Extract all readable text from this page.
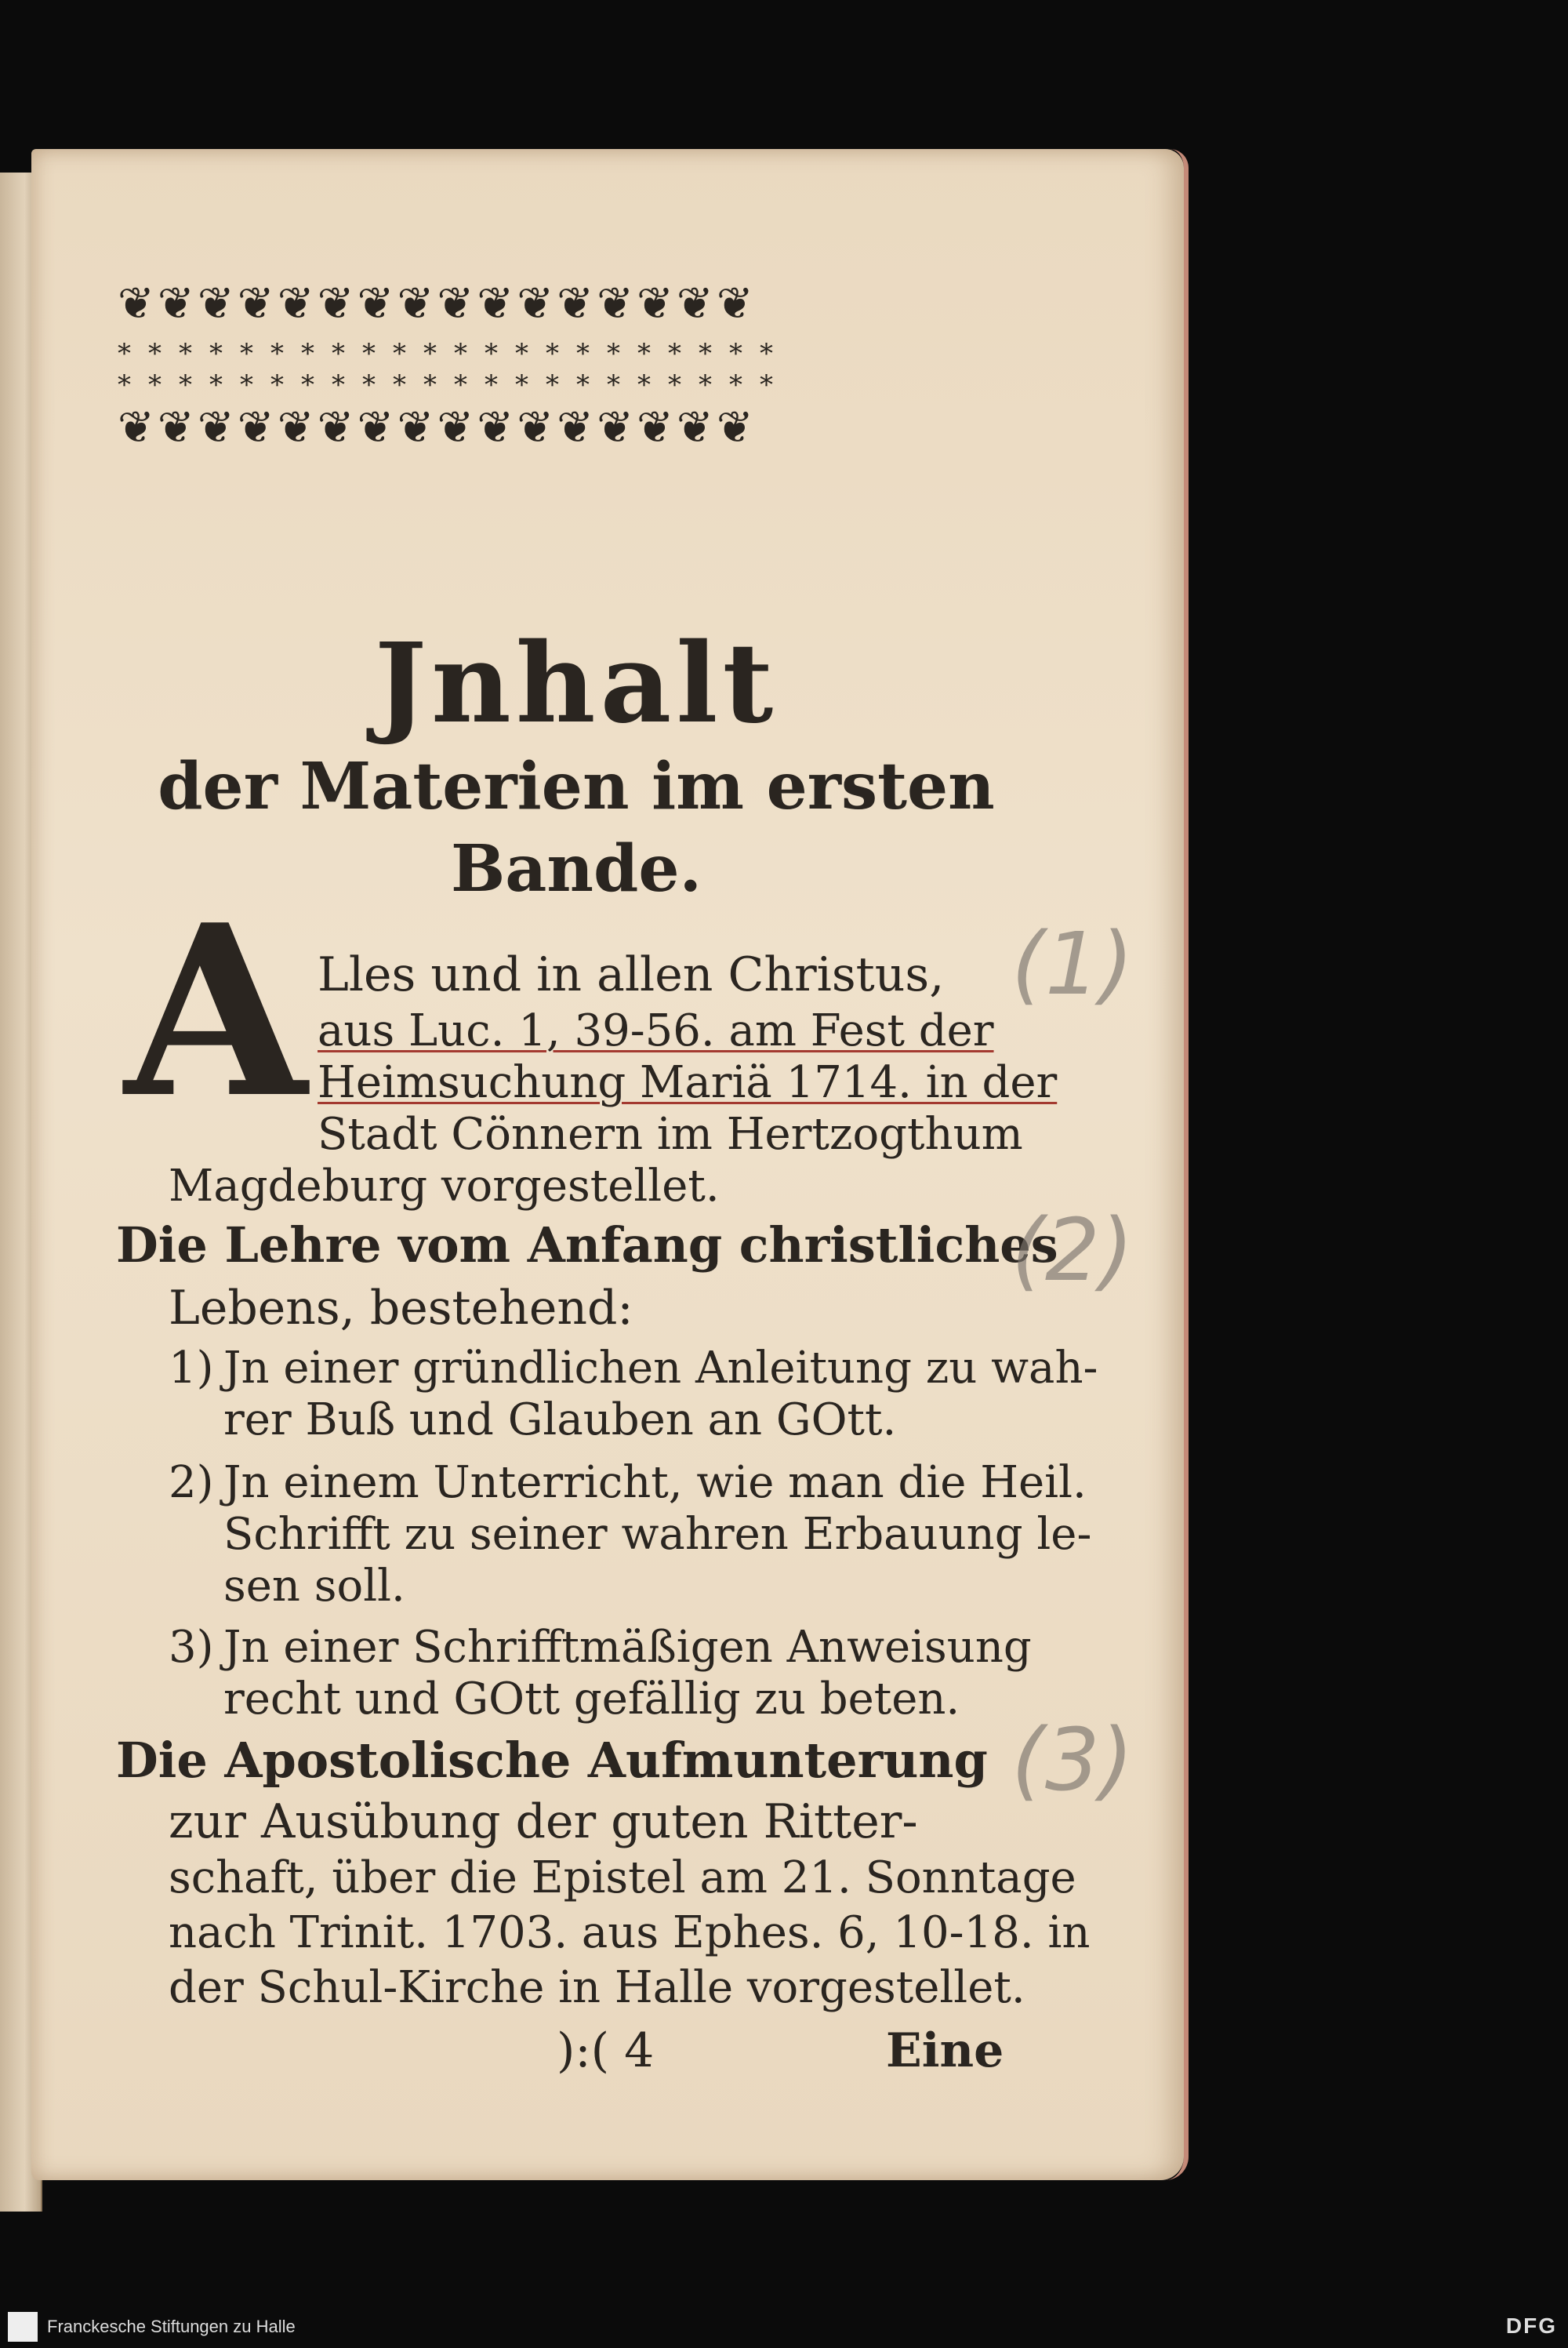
❦❦❦❦❦❦❦❦❦❦❦❦❦❦❦❦
**********************
**********************
❦❦❦❦❦❦❦❦❦❦❦❦❦❦❦❦
Jnhalt
der Materien im ersten
Bande.
A Lles und in allen Christus,
aus Luc. 1, 39-56. am Fest der
Heimsuchung Mariä 1714. in der
Stadt Cönnern im Hertzogthum
Magdeburg vorgestellet.
Die Lehre vom Anfang christliches
Lebens, bestehend:
1) Jn einer gründlichen Anleitung zu wah-
rer Buß und Glauben an GOtt.
2) Jn einem Unterricht, wie man die Heil.
Schrifft zu seiner wahren Erbauung le-
sen soll.
3) Jn einer Schrifftmäßigen Anweisung
recht und GOtt gefällig zu beten.
Die Apostolische Aufmunterung
zur Ausübung der guten Ritter-
schaft, über die Epistel am 21. Sonntage
nach Trinit. 1703. aus Ephes. 6, 10-18. in
der Schul-Kirche in Halle vorgestellet.
):( 4	Eine
(1)
(2)
(3)
Franckesche Stiftungen zu Halle	DFG
